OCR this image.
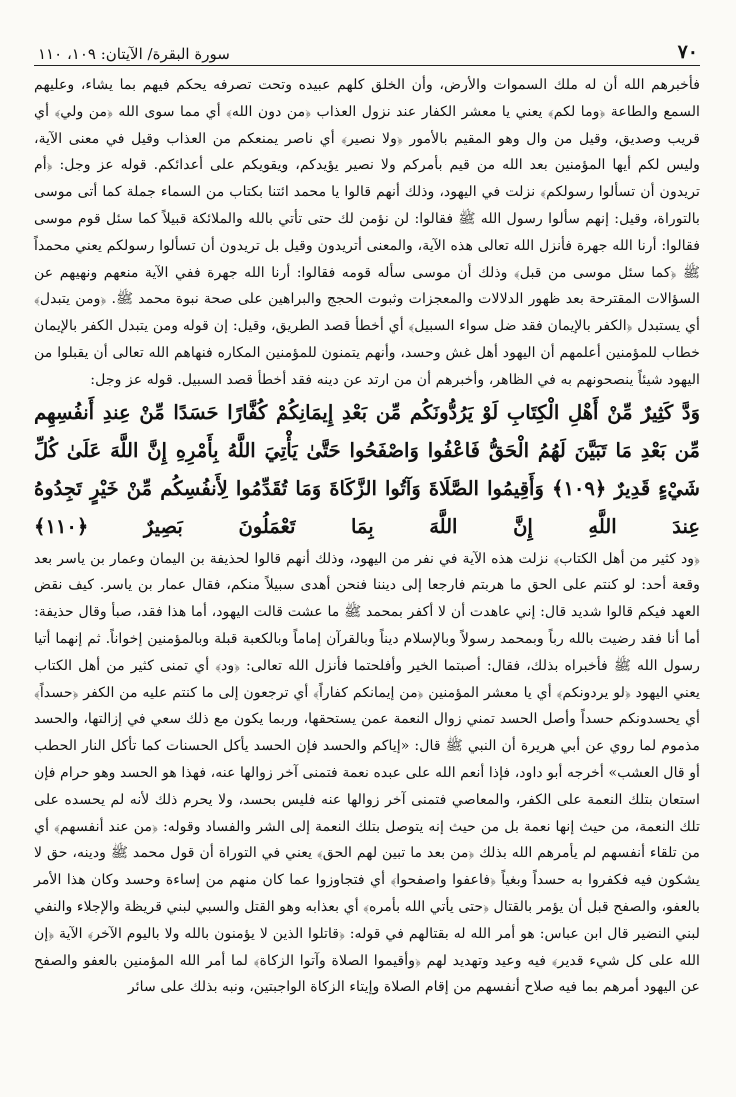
٧٠
سورة البقرة/ الآيتان: ١٠٩، ١١٠

فأخبرهم الله أن له ملك السموات والأرض، وأن الخلق كلهم عبيده وتحت تصرفه يحكم فيهم بما يشاء، وعليهم السمع والطاعة ﴿وما لكم﴾ يعني يا معشر الكفار عند نزول العذاب ﴿من دون الله﴾ أي مما سوى الله ﴿من ولي﴾ أي قريب وصديق، وقيل من وال وهو المقيم بالأمور ﴿ولا نصير﴾ أي ناصر يمنعكم من العذاب وقيل في معنى الآية، وليس لكم أيها المؤمنين بعد الله من قيم بأمركم ولا نصير يؤيدكم، ويقويكم على أعدائكم. قوله عز وجل: ﴿أم تريدون أن تسألوا رسولكم﴾ نزلت في اليهود، وذلك أنهم قالوا يا محمد ائتنا بكتاب من السماء جملة كما أتى موسى بالتوراة، وقيل: إنهم سألوا رسول الله ﷺ فقالوا: لن نؤمن لك حتى تأتي بالله والملائكة قبيلاً كما سئل قوم موسى فقالوا: أرنا الله جهرة فأنزل الله تعالى هذه الآية، والمعنى أتريدون وقيل بل تريدون أن تسألوا رسولكم يعني محمداً ﷺ ﴿كما سئل موسى من قبل﴾ وذلك أن موسى سأله قومه فقالوا: أرنا الله جهرة ففي الآية منعهم ونهيهم عن السؤالات المقترحة بعد ظهور الدلالات والمعجزات وثبوت الحجج والبراهين على صحة نبوة محمد ﷺ. ﴿ومن يتبدل﴾ أي يستبدل ﴿الكفر بالإيمان فقد ضل سواء السبيل﴾ أي أخطأ قصد الطريق، وقيل: إن قوله ومن يتبدل الكفر بالإيمان خطاب للمؤمنين أعلمهم أن اليهود أهل غش وحسد، وأنهم يتمنون للمؤمنين المكاره فنهاهم الله تعالى أن يقبلوا من اليهود شيئاً ينصحونهم به في الظاهر، وأخبرهم أن من ارتد عن دينه فقد أخطأ قصد السبيل. قوله عز وجل:

وَدَّ كَثِيرٌ مِّنْ أَهْلِ الْكِتَابِ لَوْ يَرُدُّونَكُم مِّن بَعْدِ إِيمَانِكُمْ كُفَّارًا حَسَدًا مِّنْ عِندِ أَنفُسِهِم مِّن بَعْدِ مَا تَبَيَّنَ لَهُمُ الْحَقُّ فَاعْفُوا وَاصْفَحُوا حَتَّىٰ يَأْتِيَ اللَّهُ بِأَمْرِهِ إِنَّ اللَّهَ عَلَىٰ كُلِّ شَيْءٍ قَدِيرٌ ﴿١٠٩﴾ وَأَقِيمُوا الصَّلَاةَ وَآتُوا الزَّكَاةَ وَمَا تُقَدِّمُوا لِأَنفُسِكُم مِّنْ خَيْرٍ تَجِدُوهُ عِندَ اللَّهِ إِنَّ اللَّهَ بِمَا تَعْمَلُونَ بَصِيرٌ ﴿١١٠﴾

﴿ود كثير من أهل الكتاب﴾ نزلت هذه الآية في نفر من اليهود، وذلك أنهم قالوا لحذيفة بن اليمان وعمار بن ياسر بعد وقعة أحد: لو كنتم على الحق ما هربتم فارجعا إلى ديننا فنحن أهدى سبيلاً منكم، فقال عمار بن ياسر. كيف نقض العهد فيكم قالوا شديد قال: إني عاهدت أن لا أكفر بمحمد ﷺ ما عشت قالت اليهود، أما هذا فقد، صبأ وقال حذيفة: أما أنا فقد رضيت بالله رباً وبمحمد رسولاً وبالإسلام ديناً وبالقرآن إماماً وبالكعبة قبلة وبالمؤمنين إخواناً. ثم إنهما أتيا رسول الله ﷺ فأخبراه بذلك، فقال: أصبتما الخير وأفلحتما فأنزل الله تعالى: ﴿ود﴾ أي تمنى كثير من أهل الكتاب يعني اليهود ﴿لو يردونكم﴾ أي يا معشر المؤمنين ﴿من إيمانكم كفاراً﴾ أي ترجعون إلى ما كنتم عليه من الكفر ﴿حسداً﴾ أي يحسدونكم حسداً وأصل الحسد تمني زوال النعمة عمن يستحقها، وربما يكون مع ذلك سعي في إزالتها، والحسد مذموم لما روي عن أبي هريرة أن النبي ﷺ قال: «إياكم والحسد فإن الحسد يأكل الحسنات كما تأكل النار الحطب أو قال العشب» أخرجه أبو داود، فإذا أنعم الله على عبده نعمة فتمنى آخر زوالها عنه، فهذا هو الحسد وهو حرام فإن استعان بتلك النعمة على الكفر، والمعاصي فتمنى آخر زوالها عنه فليس بحسد، ولا يحرم ذلك لأنه لم يحسده على تلك النعمة، من حيث إنها نعمة بل من حيث إنه يتوصل بتلك النعمة إلى الشر والفساد وقوله: ﴿من عند أنفسهم﴾ أي من تلقاء أنفسهم لم يأمرهم الله بذلك ﴿من بعد ما تبين لهم الحق﴾ يعني في التوراة أن قول محمد ﷺ ودينه، حق لا يشكون فيه فكفروا به حسداً وبغياً ﴿فاعفوا واصفحوا﴾ أي فتجاوزوا عما كان منهم من إساءة وحسد وكان هذا الأمر بالعفو، والصفح قبل أن يؤمر بالقتال ﴿حتى يأتي الله بأمره﴾ أي بعذابه وهو القتل والسبي لبني قريظة والإجلاء والنفي لبني النضير قال ابن عباس: هو أمر الله له بقتالهم في قوله: ﴿قاتلوا الذين لا يؤمنون بالله ولا باليوم الآخر﴾ الآية ﴿إن الله على كل شيء قدير﴾ فيه وعيد وتهديد لهم ﴿وأقيموا الصلاة وآتوا الزكاة﴾ لما أمر الله المؤمنين بالعفو والصفح عن اليهود أمرهم بما فيه صلاح أنفسهم من إقام الصلاة وإيتاء الزكاة الواجبتين، ونبه بذلك على سائر
